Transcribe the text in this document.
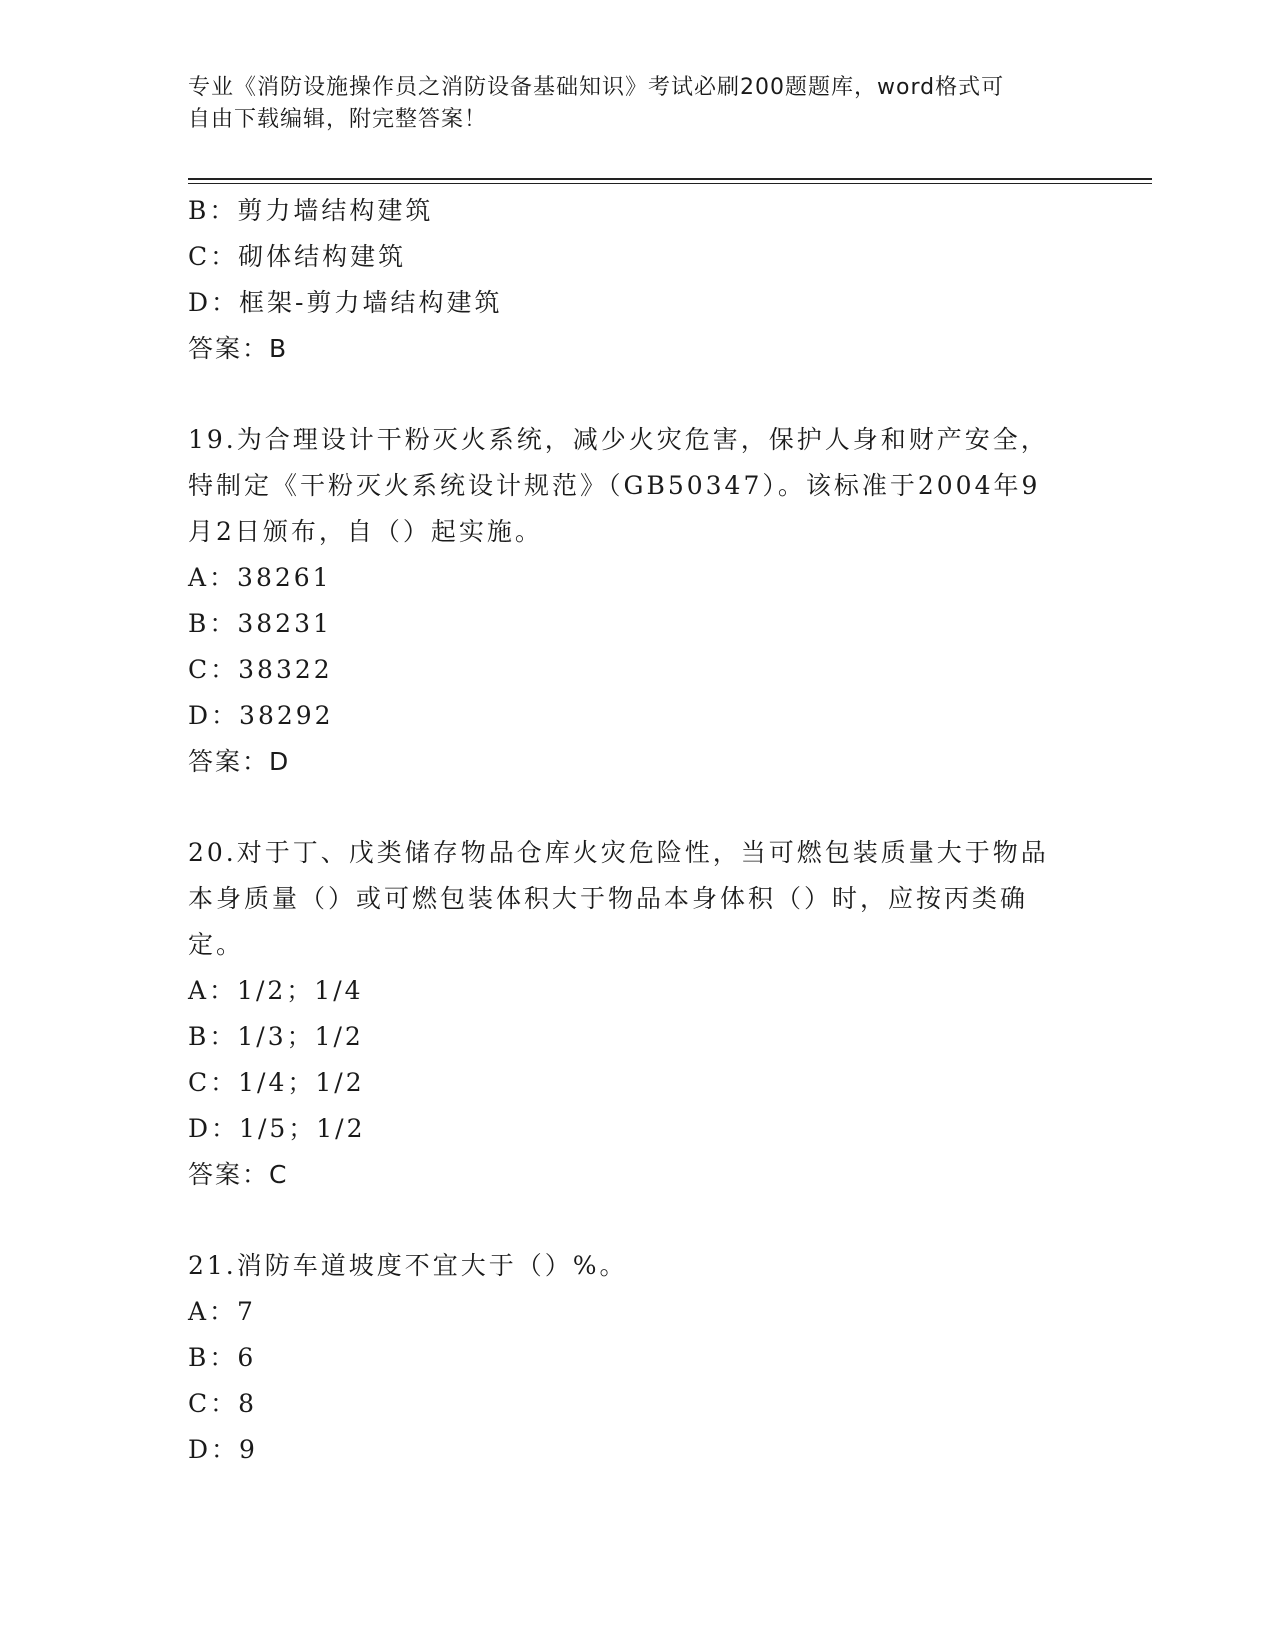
专业《消防设施操作员之消防设备基础知识》考试必刷200题题库，word格式可
自由下载编辑，附完整答案！

B：剪力墙结构建筑

C：砌体结构建筑

D：框架-剪力墙结构建筑

答案：B

19.为合理设计干粉灭火系统，减少火灾危害，保护人身和财产安全，

特制定《干粉灭火系统设计规范》（GB50347）。该标准于2004年9

月2日颁布，自（）起实施。

A：38261

B：38231

C：38322

D：38292

答案：D

20.对于丁、戊类储存物品仓库火灾危险性，当可燃包装质量大于物品

本身质量（）或可燃包装体积大于物品本身体积（）时，应按丙类确

定。

A：1/2；1/4

B：1/3；1/2

C：1/4；1/2

D：1/5；1/2

答案：C

21.消防车道坡度不宜大于（）%。

A：7

B：6

C：8

D：9
